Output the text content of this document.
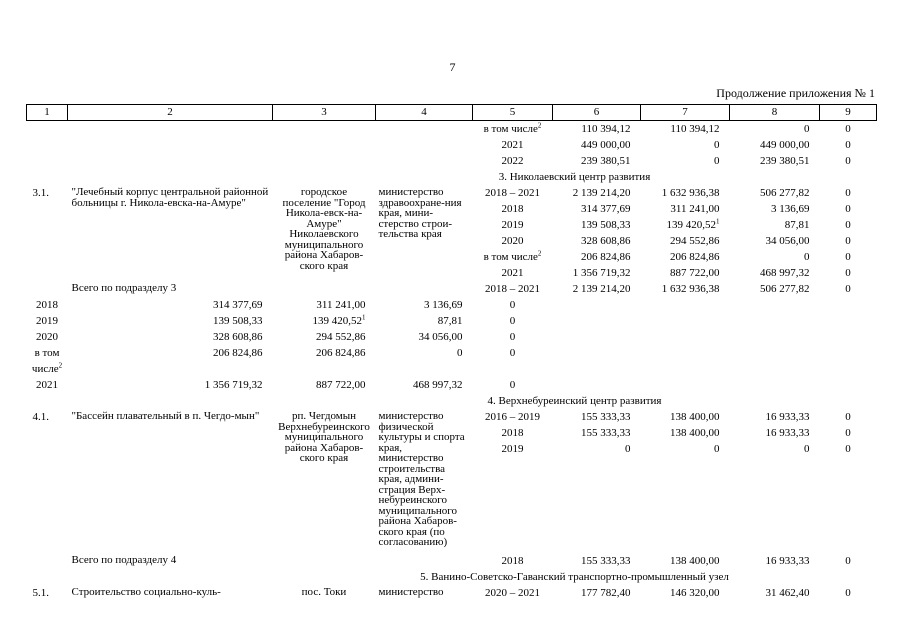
7
Продолжение приложения № 1
1	2	3	4	5	6	7	8	9
				в том числе$^2$	110 394,12	110 394,12	0	0
				2021	449 000,00	0	449 000,00	0
				2022	239 380,51	0	239 380,51	0
		3. Николаевский центр развития						
3.1.	"Лечебный корпус центральной районной больницы г. Никола-евска-на-Амуре"	городское поселение "Город Никола-евск-на-Амуре" Николаевского муниципального района Хабаров-ского края	министерство здравоохране-ния края, мини-стерство строи-тельства края	2018 – 2021	2 139 214,20	1 632 936,38	506 277,82	0
				2018	314 377,69	311 241,00	3 136,69	0
				2019	139 508,33	139 420,52$^1$	87,81	0
				2020	328 608,86	294 552,86	34 056,00	0
				в том числе$^2$	206 824,86	206 824,86	0	0
				2021	1 356 719,32	887 722,00	468 997,32	0
	Всего по подразделу 3			2018 – 2021	2 139 214,20	1 632 936,38	506 277,82	0
2018	314 377,69	311 241,00	3 136,69	0				
2019	139 508,33	139 420,52$^1$	87,81	0				
2020	328 608,86	294 552,86	34 056,00	0				
в том числе$^2$	206 824,86	206 824,86	0	0				
2021	1 356 719,32	887 722,00	468 997,32	0				
		4. Верхнебуреинский центр развития						
4.1.	"Бассейн плавательный в п. Чегдо-мын"	рп. Чегдомын Верхнебуреинского муниципального района Хабаров-ского края	министерство физической культуры и спорта края, министерство строительства края, админи-страция Верх-небуреинского муниципального района Хабаров-ского края (по согласованию)	2016 – 2019	155 333,33	138 400,00	16 933,33	0
				2018	155 333,33	138 400,00	16 933,33	0
				2019	0	0	0	0
	Всего по подразделу 4			2018	155 333,33	138 400,00	16 933,33	0
		5. Ванино-Советско-Гаванский транспортно-промышленный узел						
5.1.	Строительство социально-куль-	пос. Токи	министерство	2020 – 2021	177 782,40	146 320,00	31 462,40	0
